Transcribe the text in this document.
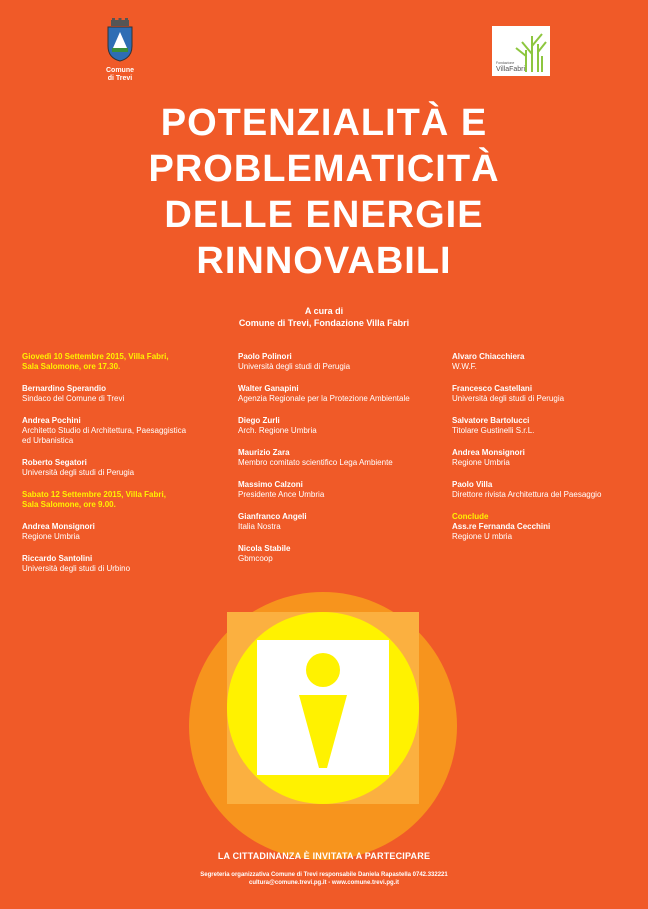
Comune
di Trevi
Fondazione
VillaFabri
POTENZIALITÀ E
PROBLEMATICITÀ
DELLE ENERGIE
RINNOVABILI
A cura di
Comune di Trevi, Fondazione Villa Fabri
Giovedì 10 Settembre 2015, Villa Fabri,
Sala Salomone, ore 17.30.
Bernardino Sperandio
Sindaco del Comune di Trevi
Andrea Pochini
Architetto Studio di Architettura, Paesaggistica
ed Urbanistica
Roberto Segatori
Università degli studi di Perugia
Sabato 12 Settembre 2015, Villa Fabri,
Sala Salomone, ore 9.00.
Andrea Monsignori
Regione Umbria
Riccardo Santolini
Università degli studi di Urbino
Paolo Polinori
Università degli studi di Perugia
Walter Ganapini
Agenzia Regionale per la Protezione Ambientale
Diego Zurli
Arch. Regione Umbria
Maurizio Zara
Membro comitato scientifico Lega Ambiente
Massimo Calzoni
Presidente Ance Umbria
Gianfranco Angeli
Italia Nostra
Nicola Stabile
Gbmcoop
Alvaro Chiacchiera
W.W.F.
Francesco Castellani
Università degli studi di Perugia
Salvatore Bartolucci
Titolare Gustinelli S.r.L.
Andrea Monsignori
Regione Umbria
Paolo Villa
Direttore rivista Architettura del Paesaggio
Conclude
Ass.re Fernanda Cecchini
Regione U mbria
LA CITTADINANZA È INVITATA A PARTECIPARE
Segreteria organizzativa Comune di Trevi responsabile Daniela Rapastella 0742.332221
cultura@comune.trevi.pg.it - www.comune.trevi.pg.it
